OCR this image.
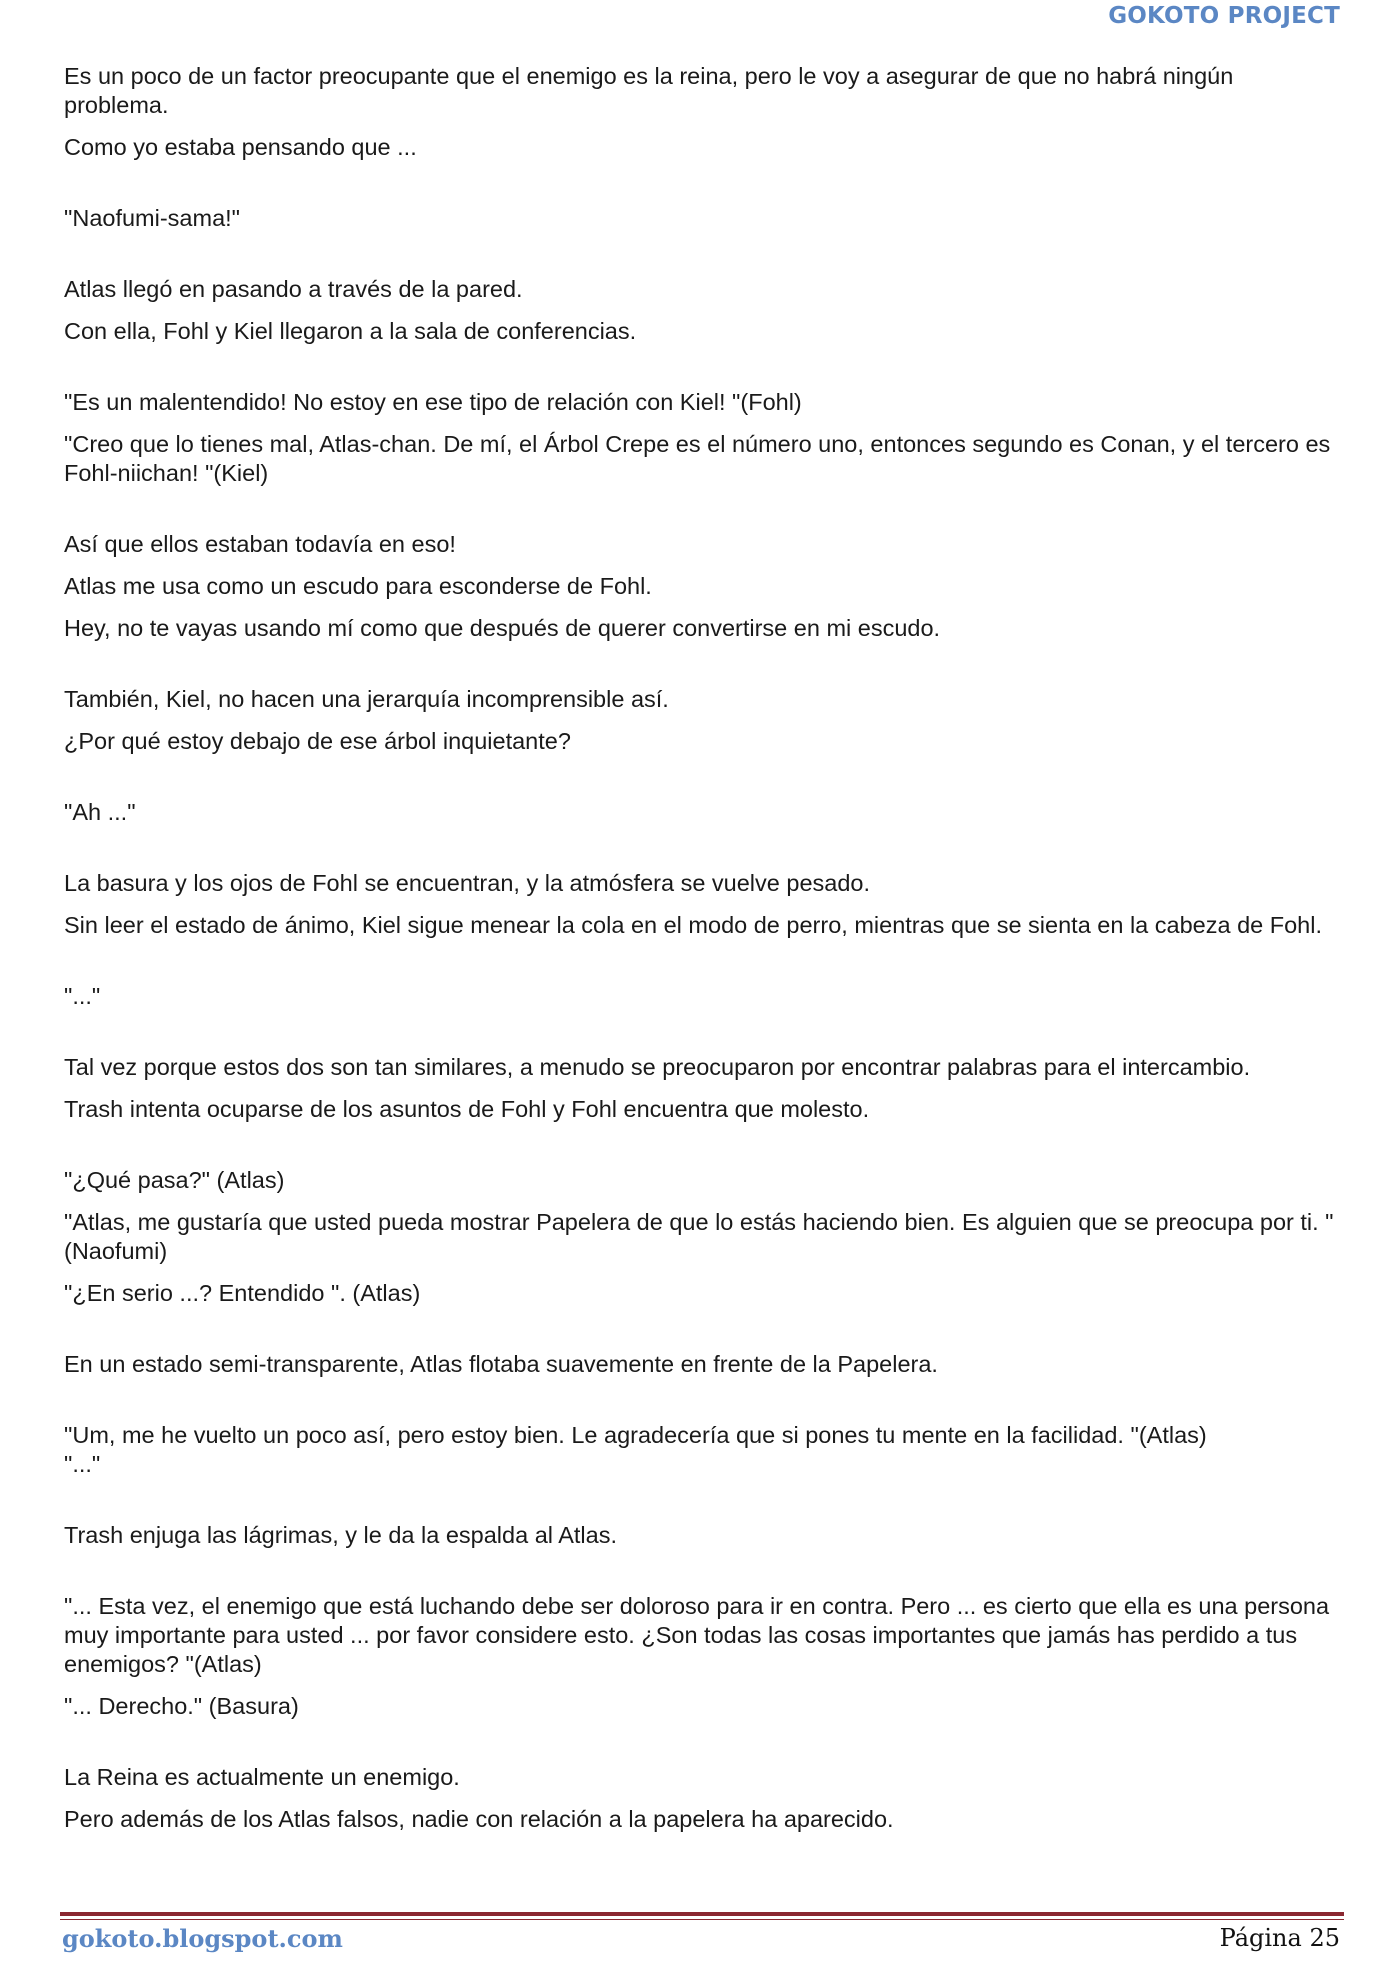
GOKOTO PROJECT

Es un poco de un factor preocupante que el enemigo es la reina, pero le voy a asegurar de que no habrá ningún problema.

Como yo estaba pensando que ...

"Naofumi-sama!"

Atlas llegó en pasando a través de la pared.

Con ella, Fohl y Kiel llegaron a la sala de conferencias.

"Es un malentendido! No estoy en ese tipo de relación con Kiel! "(Fohl)

"Creo que lo tienes mal, Atlas-chan. De mí, el Árbol Crepe es el número uno, entonces segundo es Conan, y el tercero es Fohl-niichan! "(Kiel)

Así que ellos estaban todavía en eso!

Atlas me usa como un escudo para esconderse de Fohl.

Hey, no te vayas usando mí como que después de querer convertirse en mi escudo.

También, Kiel, no hacen una jerarquía incomprensible así.

¿Por qué estoy debajo de ese árbol inquietante?

"Ah ..."

La basura y los ojos de Fohl se encuentran, y la atmósfera se vuelve pesado.

Sin leer el estado de ánimo, Kiel sigue menear la cola en el modo de perro, mientras que se sienta en la cabeza de Fohl.

"..."

Tal vez porque estos dos son tan similares, a menudo se preocuparon por encontrar palabras para el intercambio.

Trash intenta ocuparse de los asuntos de Fohl y Fohl encuentra que molesto.

"¿Qué pasa?" (Atlas)

"Atlas, me gustaría que usted pueda mostrar Papelera de que lo estás haciendo bien. Es alguien que se preocupa por ti. "(Naofumi)

"¿En serio ...? Entendido ". (Atlas)

En un estado semi-transparente, Atlas flotaba suavemente en frente de la Papelera.

"Um, me he vuelto un poco así, pero estoy bien. Le agradecería que si pones tu mente en la facilidad. "(Atlas)

"..."

Trash enjuga las lágrimas, y le da la espalda al Atlas.

"... Esta vez, el enemigo que está luchando debe ser doloroso para ir en contra. Pero ... es cierto que ella es una persona muy importante para usted ... por favor considere esto. ¿Son todas las cosas importantes que jamás has perdido a tus enemigos? "(Atlas)

"... Derecho." (Basura)

La Reina es actualmente un enemigo.

Pero además de los Atlas falsos, nadie con relación a la papelera ha aparecido.

gokoto.blogspot.com	Página 25
